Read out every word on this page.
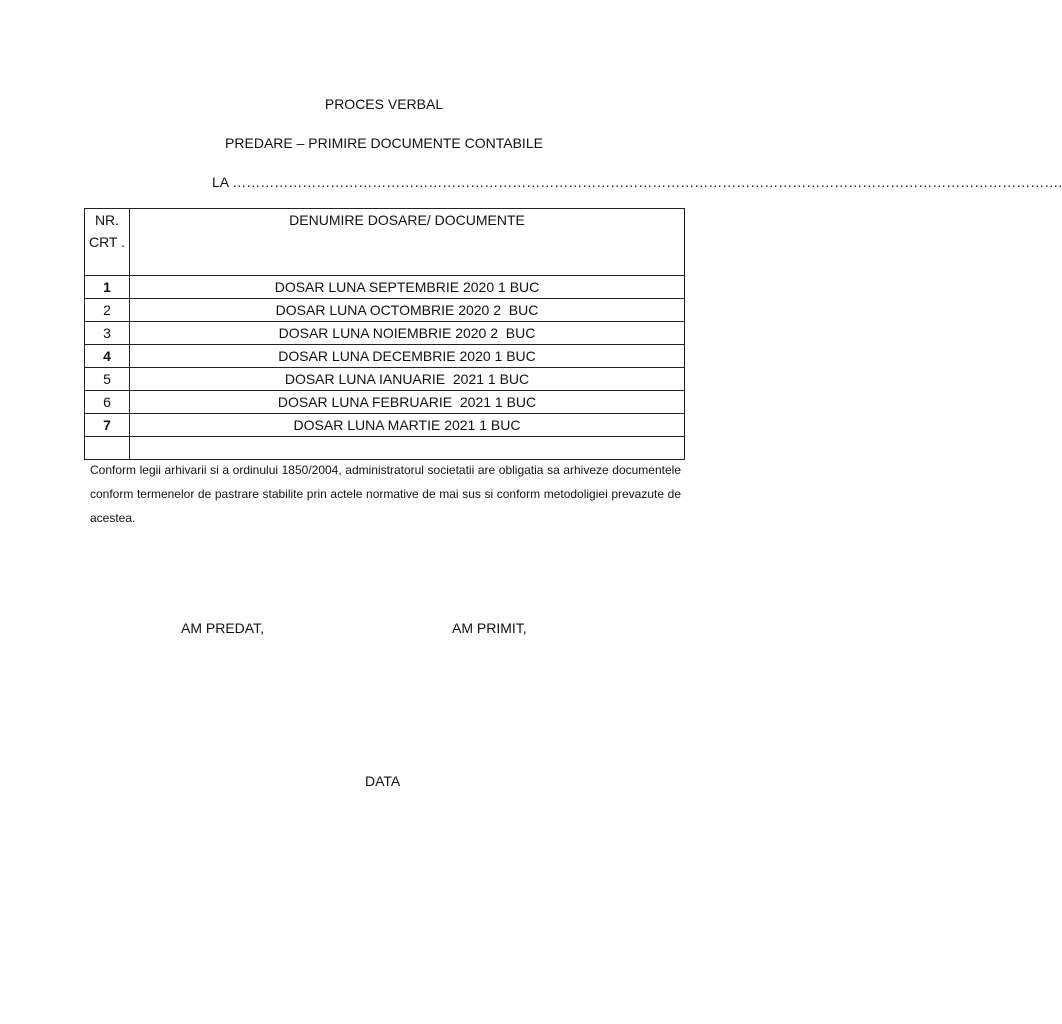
PROCES VERBAL
PREDARE – PRIMIRE DOCUMENTE CONTABILE
LA …………………………………………………………………………………………………………………………………………………………….
NR. CRT .	DENUMIRE DOSARE/ DOCUMENTE
1	DOSAR LUNA SEPTEMBRIE 2020 1 BUC
2	DOSAR LUNA OCTOMBRIE 2020 2  BUC
3	DOSAR LUNA NOIEMBRIE 2020 2  BUC
4	DOSAR LUNA DECEMBRIE 2020 1 BUC
5	DOSAR LUNA IANUARIE  2021 1 BUC
6	DOSAR LUNA FEBRUARIE  2021 1 BUC
7	DOSAR LUNA MARTIE 2021 1 BUC

Conform legii arhivarii si a ordinului 1850/2004, administratorul societatii are obligatia sa arhiveze documentele conform termenelor de pastrare stabilite prin actele normative de mai sus si conform metodoligiei prevazute de acestea.
AM PREDAT,	AM PRIMIT,
DATA
